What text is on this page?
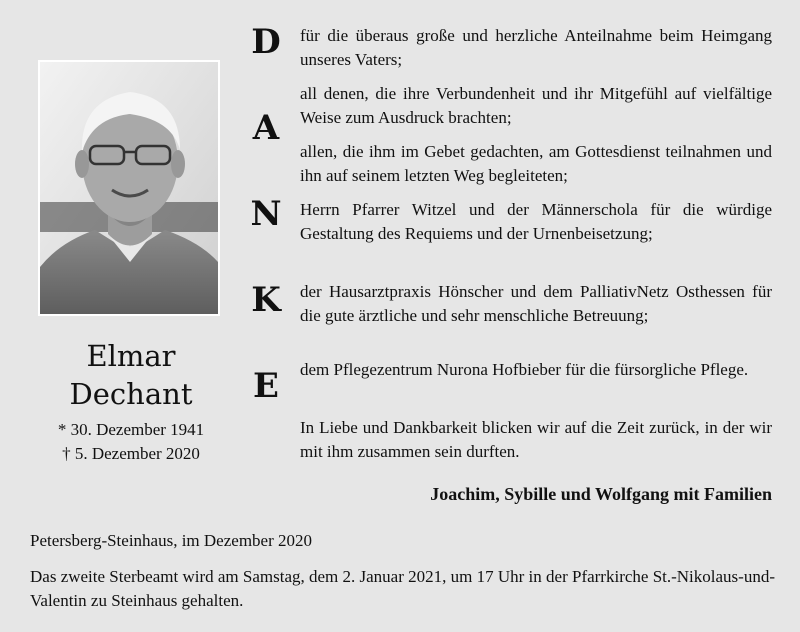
Elmar
Dechant
* 30. Dezember 1941
† 5. Dezember 2020
D
A
N
K
E
für die überaus große und herzliche Anteilnahme beim Heimgang unseres Vaters;
all denen, die ihre Verbundenheit und ihr Mitgefühl auf vielfältige Weise zum Ausdruck brachten;
allen, die ihm im Gebet gedachten, am Gottesdienst teilnahmen und ihn auf seinem letzten Weg begleiteten;
Herrn Pfarrer Witzel und der Männerschola für die würdige Gestaltung des Requiems und der Urnenbeisetzung;
der Hausarztpraxis Hönscher und dem PalliativNetz Osthessen für die gute ärztliche und sehr menschliche Betreuung;
dem Pflegezentrum Nurona Hofbieber für die fürsorgliche Pflege.
In Liebe und Dankbarkeit blicken wir auf die Zeit zurück, in der wir mit ihm zusammen sein durften.
Joachim, Sybille und Wolfgang mit Familien
Petersberg-Steinhaus, im Dezember 2020
Das zweite Sterbeamt wird am Samstag, dem 2. Januar 2021, um 17 Uhr in der Pfarrkirche St.-Nikolaus-und-Valentin zu Steinhaus gehalten.
